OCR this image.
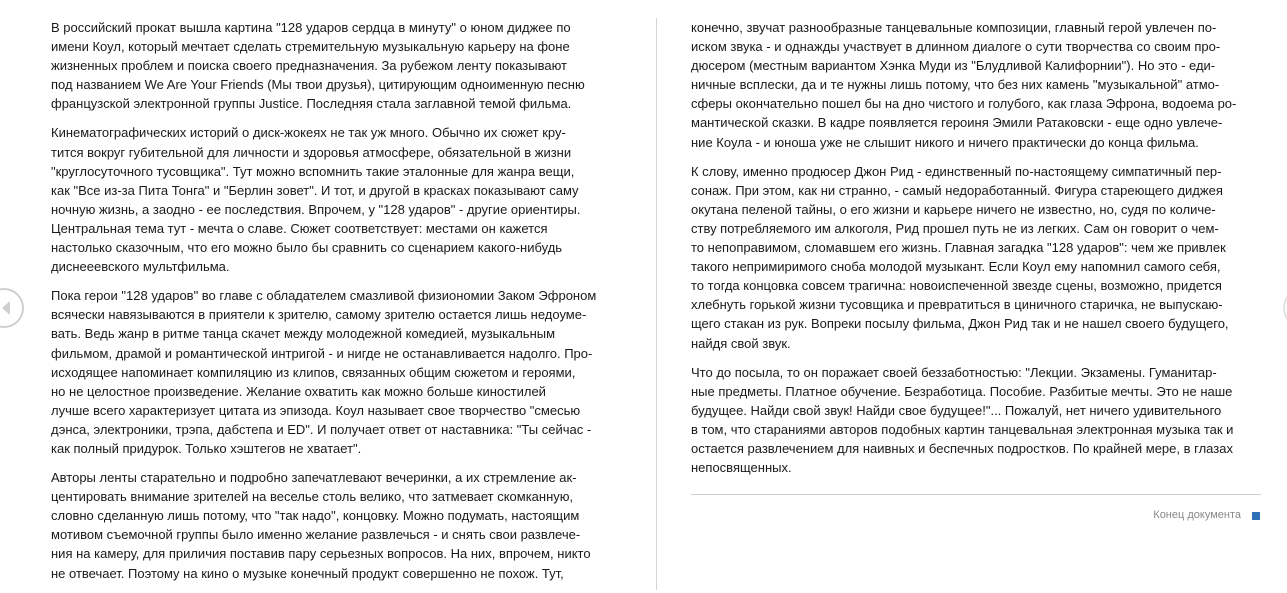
В российский прокат вышла картина "128 ударов сердца в минуту" о юном диджее по
имени Коул, который мечтает сделать стремительную музыкальную карьеру на фоне
жизненных проблем и поиска своего предназначения. За рубежом ленту показывают
под названием We Are Your Friends (Мы твои друзья), цитирующим одноименную песню
французской электронной группы Justice. Последняя стала заглавной темой фильма.
Кинематографических историй о диск-жокеях не так уж много. Обычно их сюжет кру-
тится вокруг губительной для личности и здоровья атмосфере, обязательной в жизни
"круглосуточного тусовщика". Тут можно вспомнить такие эталонные для жанра вещи,
как "Все из-за Пита Тонга" и "Берлин зовет". И тот, и другой в красках показывают саму
ночную жизнь, а заодно - ее последствия. Впрочем, у "128 ударов" - другие ориентиры.
Центральная тема тут - мечта о славе. Сюжет соответствует: местами он кажется
настолько сказочным, что его можно было бы сравнить со сценарием какого-нибудь
диснееевского мультфильма.
Пока герои "128 ударов" во главе с обладателем смазливой физиономии Заком Эфроном
всячески навязываются в приятели к зрителю, самому зрителю остается лишь недоуме-
вать. Ведь жанр в ритме танца скачет между молодежной комедией, музыкальным
фильмом, драмой и романтической интригой - и нигде не останавливается надолго. Про-
исходящее напоминает компиляцию из клипов, связанных общим сюжетом и героями,
но не целостное произведение. Желание охватить как можно больше киностилей
лучше всего характеризует цитата из эпизода. Коул называет свое творчество "смесью
дэнса, электроники, трэпа, дабстепа и ED". И получает ответ от наставника: "Ты сейчас -
как полный придурок. Только хэштегов не хватает".
Авторы ленты старательно и подробно запечатлевают вечеринки, а их стремление ак-
центировать внимание зрителей на веселье столь велико, что затмевает скомканную,
словно сделанную лишь потому, что "так надо", концовку. Можно подумать, настоящим
мотивом съемочной группы было именно желание развлечься - и снять свои развлече-
ния на камеру, для приличия поставив пару серьезных вопросов. На них, впрочем, никто
не отвечает. Поэтому на кино о музыке конечный продукт совершенно не похож. Тут,
конечно, звучат разнообразные танцевальные композиции, главный герой увлечен по-
иском звука - и однажды участвует в длинном диалоге о сути творчества со своим про-
дюсером (местным вариантом Хэнка Муди из "Блудливой Калифорнии"). Но это - еди-
ничные всплески, да и те нужны лишь потому, что без них камень "музыкальной" атмо-
сферы окончательно пошел бы на дно чистого и голубого, как глаза Эфрона, водоема ро-
мантической сказки. В кадре появляется героиня Эмили Ратаковски - еще одно увлече-
ние Коула - и юноша уже не слышит никого и ничего практически до конца фильма.
К слову, именно продюсер Джон Рид - единственный по-настоящему симпатичный пер-
сонаж. При этом, как ни странно, - самый недоработанный. Фигура стареющего диджея
окутана пеленой тайны, о его жизни и карьере ничего не известно, но, судя по количе-
ству потребляемого им алкоголя, Рид прошел путь не из легких. Сам он говорит о чем-
то непоправимом, сломавшем его жизнь. Главная загадка "128 ударов": чем же привлек
такого непримиримого сноба молодой музыкант. Если Коул ему напомнил самого себя,
то тогда концовка совсем трагична: новоиспеченной звезде сцены, возможно, придется
хлебнуть горькой жизни тусовщика и превратиться в циничного старичка, не выпускаю-
щего стакан из рук. Вопреки посылу фильма, Джон Рид так и не нашел своего будущего,
найдя свой звук.
Что до посыла, то он поражает своей беззаботностью: "Лекции. Экзамены. Гуманитар-
ные предметы. Платное обучение. Безработица. Пособие. Разбитые мечты. Это не наше
будущее. Найди свой звук! Найди свое будущее!"... Пожалуй, нет ничего удивительного
в том, что стараниями авторов подобных картин танцевальная электронная музыка так и
остается развлечением для наивных и беспечных подростков. По крайней мере, в глазах
непосвященных.
Конец документа
